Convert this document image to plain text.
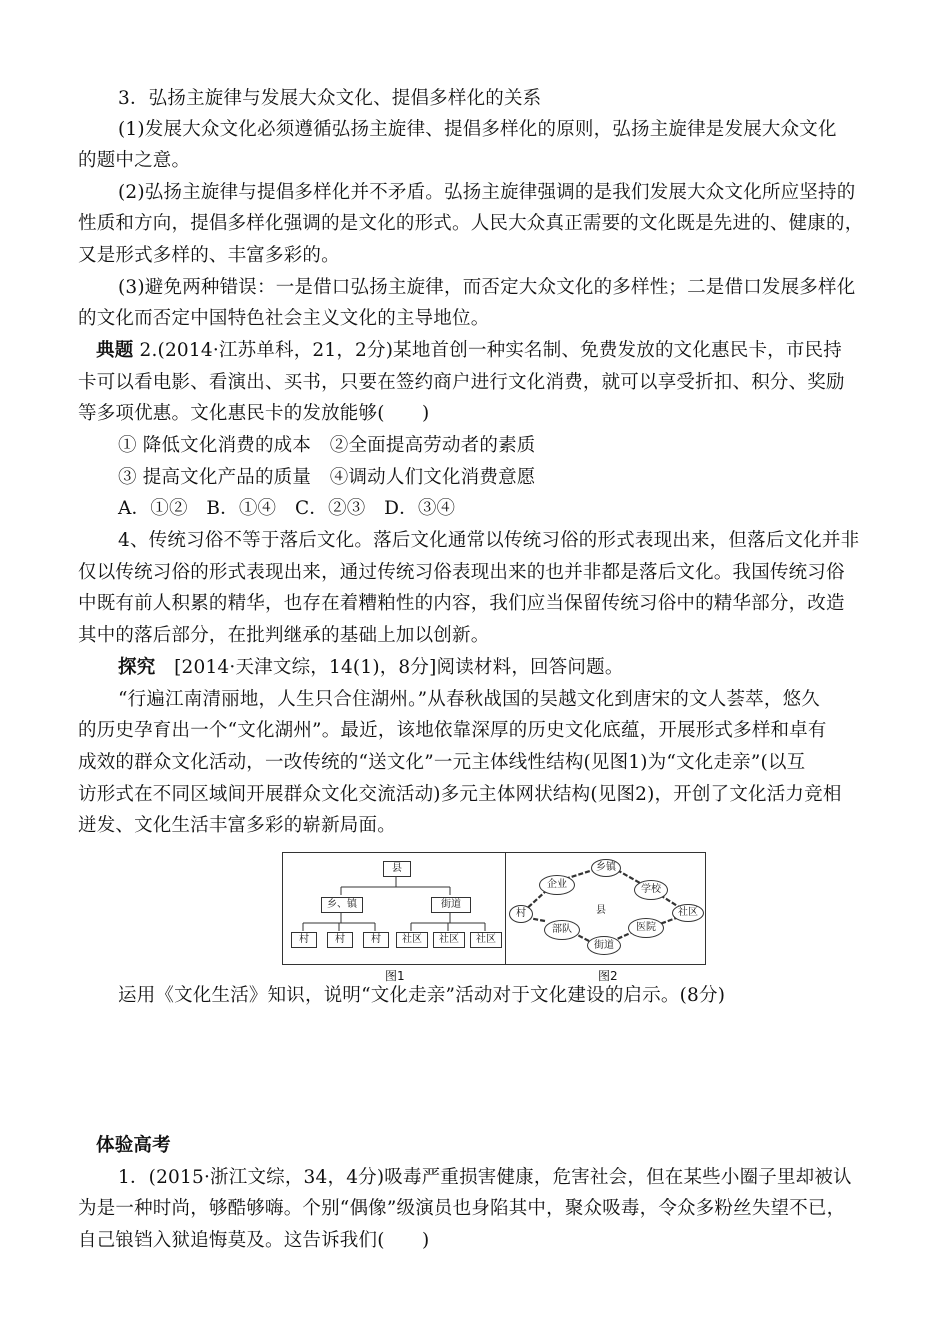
3．弘扬主旋律与发展大众文化、提倡多样化的关系
(1)发展大众文化必须遵循弘扬主旋律、提倡多样化的原则，弘扬主旋律是发展大众文化
的题中之意。
(2)弘扬主旋律与提倡多样化并不矛盾。弘扬主旋律强调的是我们发展大众文化所应坚持的
性质和方向，提倡多样化强调的是文化的形式。人民大众真正需要的文化既是先进的、健康的，
又是形式多样的、丰富多彩的。
(3)避免两种错误：一是借口弘扬主旋律，而否定大众文化的多样性；二是借口发展多样化
的文化而否定中国特色社会主义文化的主导地位。
典题 2.(2014·江苏单科，21，2分)某地首创一种实名制、免费发放的文化惠民卡，市民持
卡可以看电影、看演出、买书，只要在签约商户进行文化消费，就可以享受折扣、积分、奖励
等多项优惠。文化惠民卡的发放能够(　　)
① 降低文化消费的成本　②全面提高劳动者的素质
③ 提高文化产品的质量　④调动人们文化消费意愿
A．①②　B．①④　C．②③　D．③④
4、传统习俗不等于落后文化。落后文化通常以传统习俗的形式表现出来，但落后文化并非
仅以传统习俗的形式表现出来，通过传统习俗表现出来的也并非都是落后文化。我国传统习俗
中既有前人积累的精华，也存在着糟粕性的内容，我们应当保留传统习俗中的精华部分，改造
其中的落后部分，在批判继承的基础上加以创新。
探究　[2014·天津文综，14(1)，8分]阅读材料，回答问题。
“行遍江南清丽地，人生只合住湖州。”从春秋战国的吴越文化到唐宋的文人荟萃，悠久
的历史孕育出一个“文化湖州”。最近，该地依靠深厚的历史文化底蕴，开展形式多样和卓有
成效的群众文化活动，一改传统的“送文化”一元主体线性结构(见图1)为“文化走亲”(以互
访形式在不同区域间开展群众文化交流活动)多元主体网状结构(见图2)，开创了文化活力竞相
迸发、文化生活丰富多彩的崭新局面。
县
乡、镇	街道
村	村	村	社区	社区	社区
乡镇
企业	学校
村	县	社区
部队	医院
街道
图1	图2
运用《文化生活》知识，说明“文化走亲”活动对于文化建设的启示。(8分)
体验高考
1．(2015·浙江文综，34，4分)吸毒严重损害健康，危害社会，但在某些小圈子里却被认
为是一种时尚，够酷够嗨。个别“偶像”级演员也身陷其中，聚众吸毒，令众多粉丝失望不已，
自己锒铛入狱追悔莫及。这告诉我们(　　)
